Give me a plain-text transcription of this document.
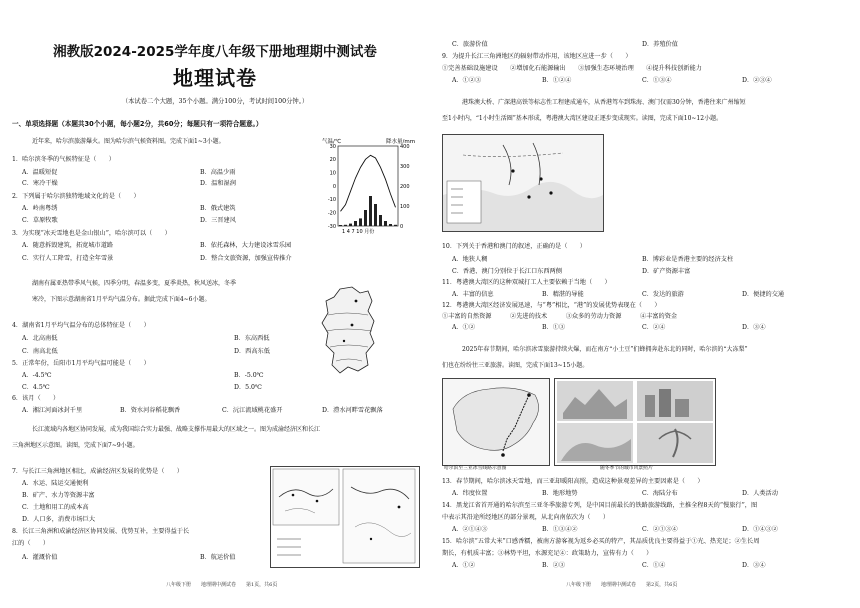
湘教版2024-2025学年度八年级下册地理期中测试卷
地理试卷
（本试卷二个大题，35个小题。满分100分，考试时间100分钟。）
一、单项选择题（本题共30个小题，每小题2分，共60分；每题只有一项符合题意。）
近年来，哈尔滨旅游爆火。图为哈尔滨气候资料图。完成下面1~3小题。
1．哈尔滨冬季的气候特征是（　　）
A．温暖短促	B．高温少雨
C．寒冷干燥	D．温和湿润
2．下列属于哈尔滨独特地域文化的是（　　）
A．岭南粤绣	B．俄式建筑
C．草原牧歌	D．三晋建风
3．为实现“冰天雪地也是金山银山”，哈尔滨可以（　　）
A．随意拆毁建筑，拓宽城市道路	B．依托森林，大力建设冰雪乐园
C．实行人工降雪，打造全年雪景	D．整合文旅资源，加强宣传推介
气温/℃	降水量/mm
30
20
10
0
-10
-20
-30
400
300
200
100
0
1 4 7 10 月份
湖南有属亚热带季风气候，四季分明，春温多变，夏季炎热，秋风送冰，冬季
寒冷，下图示意湖南省1月平均气温分布。据此完成下面4~6小题。
4．湖南省1月平均气温分布的总体特征是（　　）
A．北高南低	B．东高西低
C．南高北低	D．西高东低
5．正常年份，岳阳市1月平均气温可能是（　　）
A．-4.5℃	B．-5.0℃
C．4.5℃	D．5.0℃
6．该月（　　）
A．湘江河面冰封千里	B．资水河谷稻花飘香	C．沅江流域桃花盛开	D．澧水河畔雪花飘落
长江流域内各地区协同发展，成为我国综合实力最强、战略支撑作用最大的区域之一。图为成渝经济区和长江
三角洲地区示意图。读图，完成下面7~9小题。
7．与长江三角洲地区相比，成渝经济区发展的优势是（　　）
A．水运、陆运交通便利
B．矿产、水力等资源丰富
C．土地和用工的成本高
D．人口多，消费市场巨大
8．长江三角洲和成渝经济区协同发展、优势互补，主要得益于长
江的（　　）
A．灌溉价值	B．航运价值
八年级下册　　地理期中测试卷　　第1页，共6页
C．旅游价值	D．养殖价值
9．为提升长江三角洲地区的辐射带动作用，该地区应进一步（　　）
①完善基础设施建设　　②增加化石能源输出　　③加强生态环境治理　　④提升科技创新能力
A．①②③	B．①②④	C．①③④	D．②③④
港珠澳大桥、广深港高铁等标志性工程建成通车，从香港驾车到珠海、澳门仅需30分钟，香港往来广州缩短
至1小时内，“1小时生活圈”基本形成，粤港澳大湾区建设正逐步变成现实。读图，完成下面10~12小题。
10．下列关于香港和澳门的叙述，正确的是（　　）
A．地狭人稠	B．博彩业是香港主要的经济支柱
C．香港、澳门分别位于长江口东西两侧	D．矿产资源丰富
11．粤港澳大湾区的这种双城打工人主要依赖于当地（　　）
A．丰富的信息	B．精湛的导能	C．发达的旅游	D．便捷的交通
12．粤港澳大湾区经济发展迅速，与“粤”相比，“港”的发展优势表现在（　　）
①丰富的自然资源　　　②先进的技术　　　③众多的劳动力资源　　　④丰富的资金
A．①②	B．①③	C．②④	D．③④
2025年春节期间，哈尔滨冰雪旅游持续火爆，而在南方“小土豆”们蜂拥奔赴东北的同时，哈尔滨的“大冻梨”
们也在纷纷往三亚旅游。读图，完成下面13~15小题。
哈尔滨至三亚冰雪线路示意图	随冬季节的城市风景照片
13．春节期间，哈尔滨冰天雪地，而三亚却暖阳高照，造成这种景观差异的主要因素是（　　）
A．纬度位置	B．地形地势	C．海陆分布	D．人类活动
14．黑龙江省首开通的哈尔滨至三亚冬季旅游专列，是中国目前最长的铁路旅游线路，主推全程8天的“慢旅行”，图
中表示其沿途所经地区的部分景观，从北向南依次为（　　）
A．②①④③	B．①③④②	C．②①③④	D．①④③②
15．哈尔滨“五常大米”口感香糯，被南方游客视为返乡必买的特产，其品质优良主要得益于①光、热充足；②生长周
期长，有机质丰富；③林势平坦，水源充足④：政策助力，宣传有力（　　）
A．①②	B．②③	C．①④	D．③④
八年级下册　　地理期中测试卷　　第2页，共6页
